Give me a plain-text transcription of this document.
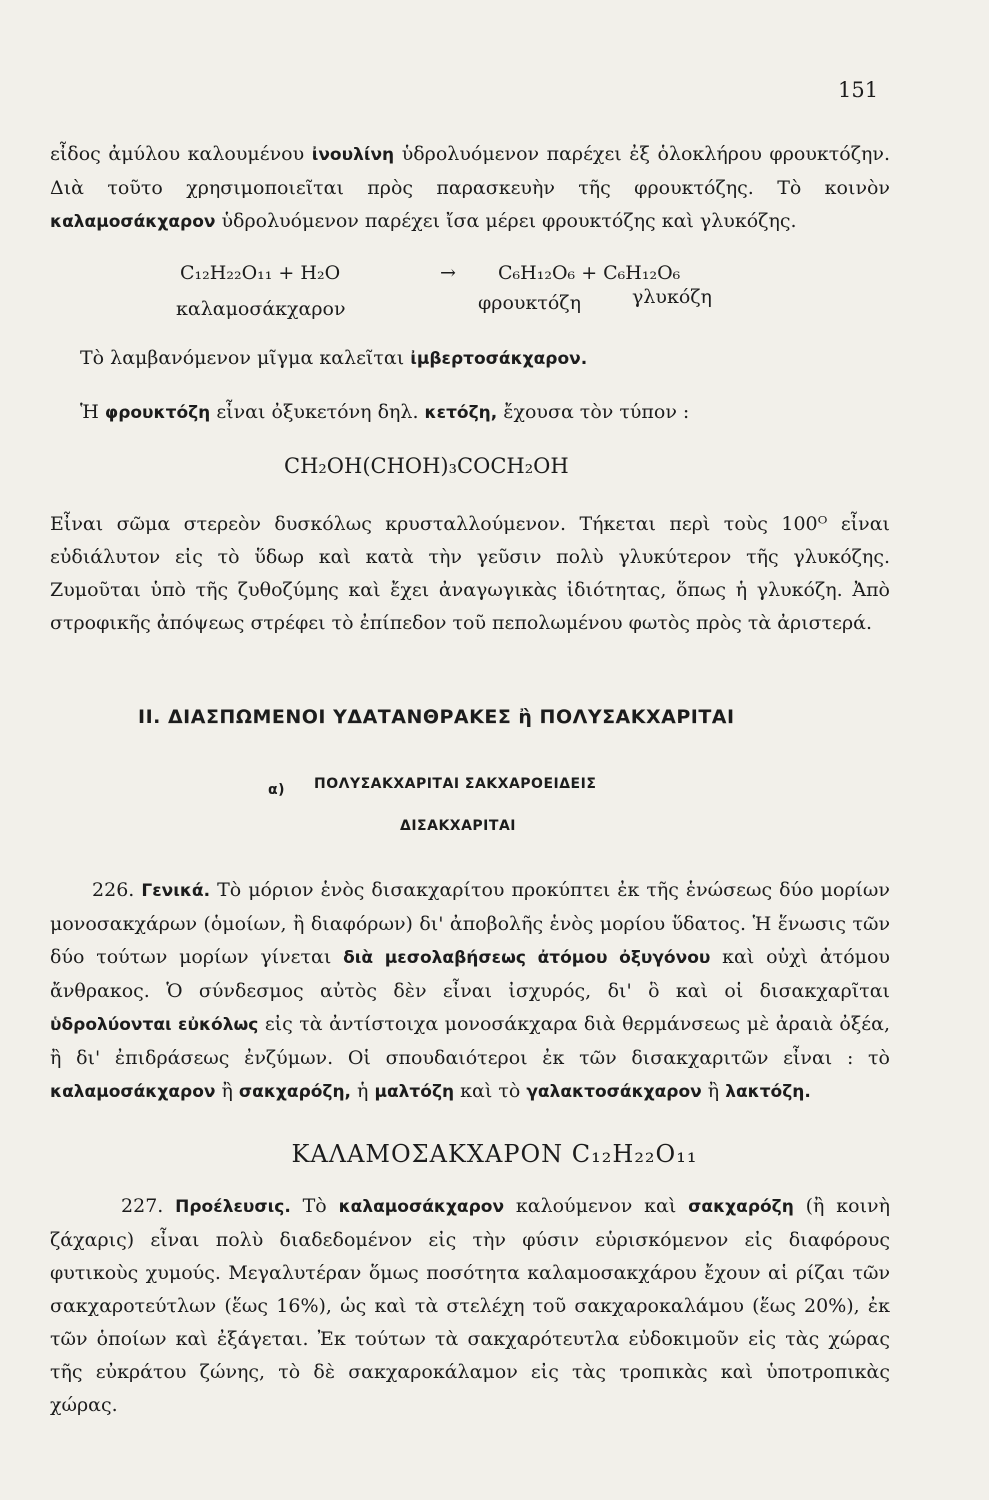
151
εἶδος ἀμύλου καλουμένου ἰνουλίνη ὑδρολυόμενον παρέχει ἐξ ὁλοκλήρου φρουκτόζην. Διὰ τοῦτο χρησιμοποιεῖται πρὸς παρασκευὴν τῆς φρουκτόζης. Τὸ κοινὸν καλαμοσάκχαρον ὑδρολυόμενον παρέχει ἴσα μέρει φρουκτόζης καὶ γλυκόζης.
C₁₂H₂₂O₁₁ + H₂O	→ C₆H₁₂O₆ + C₆H₁₂O₆
καλαμοσάκχαρον	φρουκτόζη	γλυκόζη
Τὸ λαμβανόμενον μῖγμα καλεῖται ἰμβερτοσάκχαρον.
Ἡ φρουκτόζη εἶναι ὀξυκετόνη δηλ. κετόζη, ἔχουσα τὸν τύπον :
CH₂OH(CHOH)₃COCH₂OH
Εἶναι σῶμα στερεὸν δυσκόλως κρυσταλλούμενον. Τήκεται περὶ τοὺς 100ᴼ εἶναι εὐδιάλυτον εἰς τὸ ὕδωρ καὶ κατὰ τὴν γεῦσιν πολὺ γλυκύτερον τῆς γλυκόζης. Ζυμοῦται ὑπὸ τῆς ζυθοζύμης καὶ ἔχει ἀναγωγικὰς ἰδιότητας, ὅπως ἡ γλυκόζη. Ἀπὸ στροφικῆς ἀπόψεως στρέφει τὸ ἐπίπεδον τοῦ πεπολωμένου φωτὸς πρὸς τὰ ἀριστερά.
II. ΔΙΑΣΠΩΜΕΝΟΙ ΥΔΑΤΑΝΘΡΑΚΕΣ ἢ ΠΟΛΥΣΑΚΧΑΡΙΤΑΙ
α) ΠΟΛΥΣΑΚΧΑΡΙΤΑΙ ΣΑΚΧΑΡΟΕΙΔΕΙΣ
ΔΙΣΑΚΧΑΡΙΤΑΙ
226. Γενικά. Τὸ μόριον ἑνὸς δισακχαρίτου προκύπτει ἐκ τῆς ἑνώσεως δύο μορίων μονοσακχάρων (ὁμοίων, ἢ διαφόρων) δι' ἀποβολῆς ἑνὸς μορίου ὕδατος. Ἡ ἕνωσις τῶν δύο τούτων μορίων γίνεται διὰ μεσολαβήσεως ἀτόμου ὀξυγόνου καὶ οὐχὶ ἀτόμου ἄνθρακος. Ὁ σύνδεσμος αὐτὸς δὲν εἶναι ἰσχυρός, δι' ὃ καὶ οἱ δισακχαρῖται ὑδρολύονται εὐκόλως εἰς τὰ ἀντίστοιχα μονοσάκχαρα διὰ θερμάνσεως μὲ ἀραιὰ ὀξέα, ἢ δι' ἐπιδράσεως ἐνζύμων. Οἱ σπουδαιότεροι ἐκ τῶν δισακχαριτῶν εἶναι : τὸ καλαμοσάκχαρον ἢ σακχαρόζη, ἡ μαλτόζη καὶ τὸ γαλακτοσάκχαρον ἢ λακτόζη.
ΚΑΛΑΜΟΣΑΚΧΑΡΟΝ C₁₂H₂₂O₁₁
227. Προέλευσις. Τὸ καλαμοσάκχαρον καλούμενον καὶ σακχαρόζη (ἢ κοινὴ ζάχαρις) εἶναι πολὺ διαδεδομένον εἰς τὴν φύσιν εὑρισκόμενον εἰς διαφόρους φυτικοὺς χυμούς. Μεγαλυτέραν ὅμως ποσότητα καλαμοσακχάρου ἔχουν αἱ ρίζαι τῶν σακχαροτεύτλων (ἕως 16%), ὡς καὶ τὰ στελέχη τοῦ σακχαροκαλάμου (ἕως 20%), ἐκ τῶν ὁποίων καὶ ἐξάγεται. Ἐκ τούτων τὰ σακχαρότευτλα εὐδοκιμοῦν εἰς τὰς χώρας τῆς εὐκράτου ζώνης, τὸ δὲ σακχαροκάλαμον εἰς τὰς τροπικὰς καὶ ὑποτροπικὰς χώρας.
